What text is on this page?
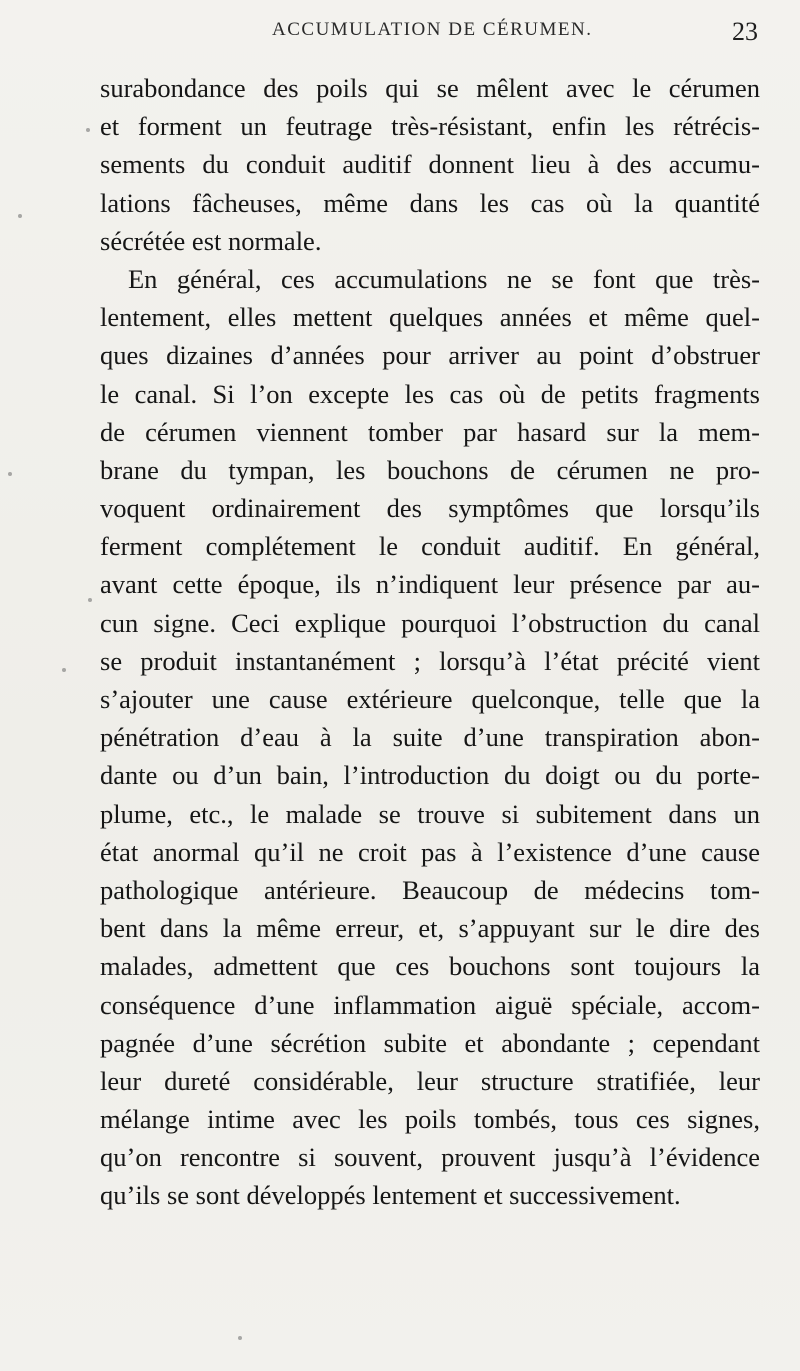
ACCUMULATION DE CÉRUMEN.	23
surabondance des poils qui se mêlent avec le cérumen
et forment un feutrage très-résistant, enfin les rétrécis-
sements du conduit auditif donnent lieu à des accumu-
lations fâcheuses, même dans les cas où la quantité
sécrétée est normale.
En général, ces accumulations ne se font que très-
lentement, elles mettent quelques années et même quel-
ques dizaines d’années pour arriver au point d’obstruer
le canal. Si l’on excepte les cas où de petits fragments
de cérumen viennent tomber par hasard sur la mem-
brane du tympan, les bouchons de cérumen ne pro-
voquent ordinairement des symptômes que lorsqu’ils
ferment complétement le conduit auditif. En général,
avant cette époque, ils n’indiquent leur présence par au-
cun signe. Ceci explique pourquoi l’obstruction du canal
se produit instantanément ; lorsqu’à l’état précité vient
s’ajouter une cause extérieure quelconque, telle que la
pénétration d’eau à la suite d’une transpiration abon-
dante ou d’un bain, l’introduction du doigt ou du porte-
plume, etc., le malade se trouve si subitement dans un
état anormal qu’il ne croit pas à l’existence d’une cause
pathologique antérieure. Beaucoup de médecins tom-
bent dans la même erreur, et, s’appuyant sur le dire des
malades, admettent que ces bouchons sont toujours la
conséquence d’une inflammation aiguë spéciale, accom-
pagnée d’une sécrétion subite et abondante ; cependant
leur dureté considérable, leur structure stratifiée, leur
mélange intime avec les poils tombés, tous ces signes,
qu’on rencontre si souvent, prouvent jusqu’à l’évidence
qu’ils se sont développés lentement et successivement.
